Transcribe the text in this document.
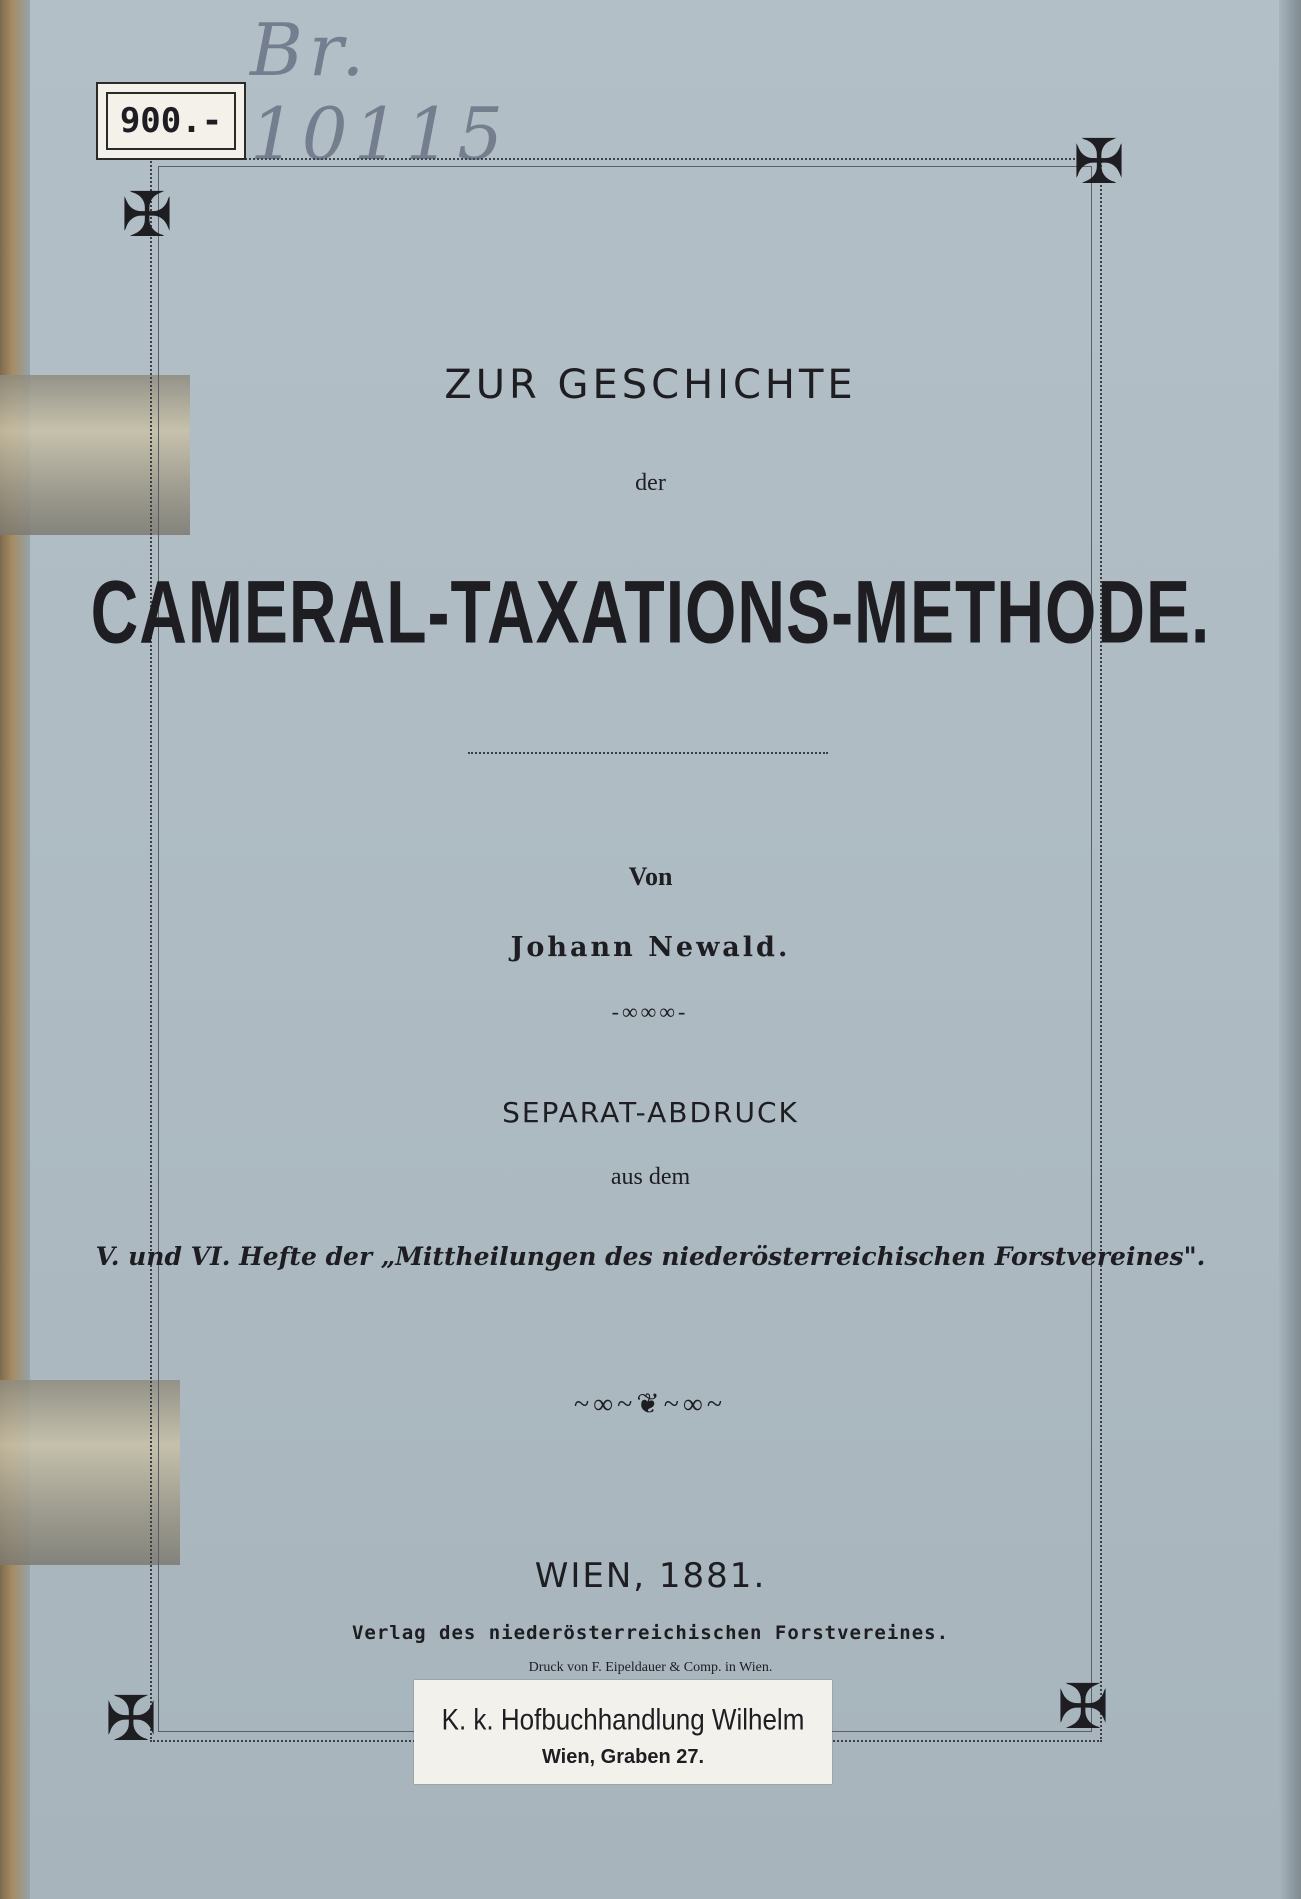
✠
✠
✠	✠
Br. 10115
900.-
ZUR GESCHICHTE
der
CAMERAL-TAXATIONS-METHODE.
Von
Johann Newald.
-∞∞∞-
SEPARAT-ABDRUCK
aus dem
V. und VI. Hefte der „Mittheilungen des niederösterreichischen Forstvereines".
~∞~❦~∞~
WIEN, 1881.
Verlag des niederösterreichischen Forstvereines.
Druck von F. Eipeldauer & Comp. in Wien.
K. k. Hofbuchhandlung Wilhelm
Wien, Graben 27.
